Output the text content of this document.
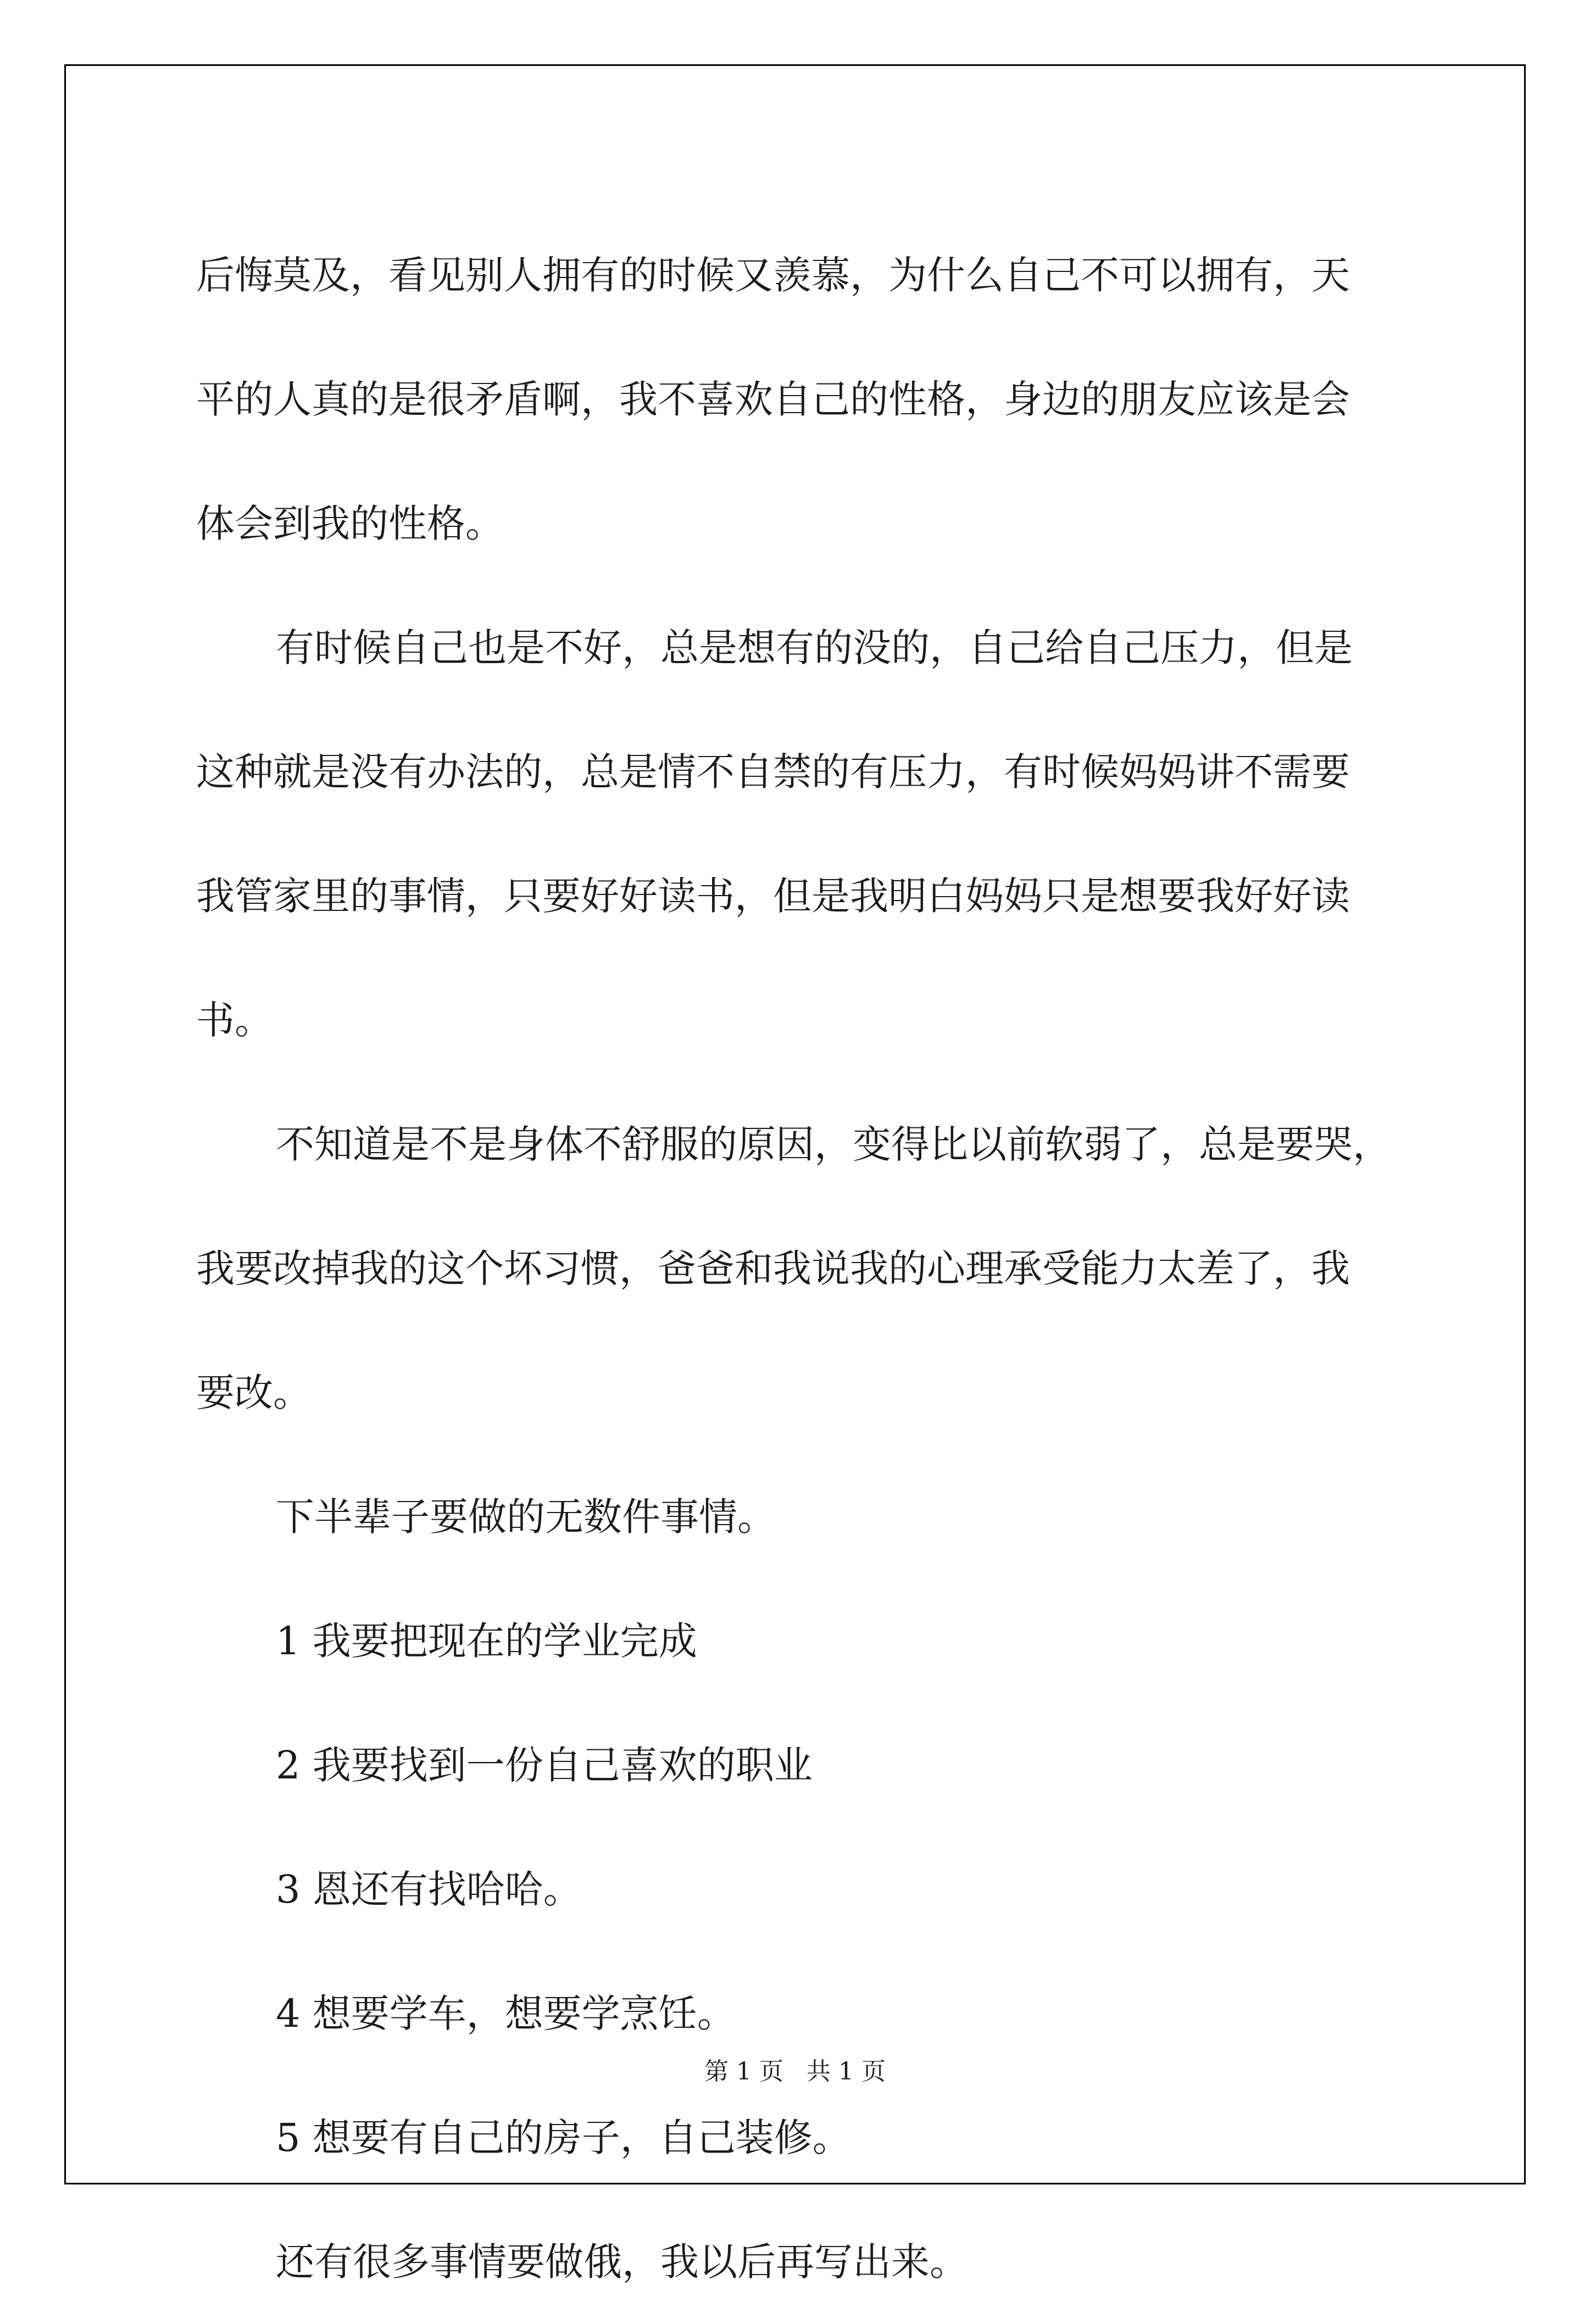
后悔莫及，看见别人拥有的时候又羡慕，为什么自己不可以拥有，天
平的人真的是很矛盾啊，我不喜欢自己的性格，身边的朋友应该是会
体会到我的性格。
有时候自己也是不好，总是想有的没的，自己给自己压力，但是
这种就是没有办法的，总是情不自禁的有压力，有时候妈妈讲不需要
我管家里的事情，只要好好读书，但是我明白妈妈只是想要我好好读
书。
不知道是不是身体不舒服的原因，变得比以前软弱了，总是要哭，
我要改掉我的这个坏习惯，爸爸和我说我的心理承受能力太差了，我
要改。
下半辈子要做的无数件事情。
1 我要把现在的学业完成
2 我要找到一份自己喜欢的职业
3 恩还有找哈哈。
4 想要学车，想要学烹饪。
5 想要有自己的房子，自己装修。
还有很多事情要做俄，我以后再写出来。
第 1 页   共 1 页
